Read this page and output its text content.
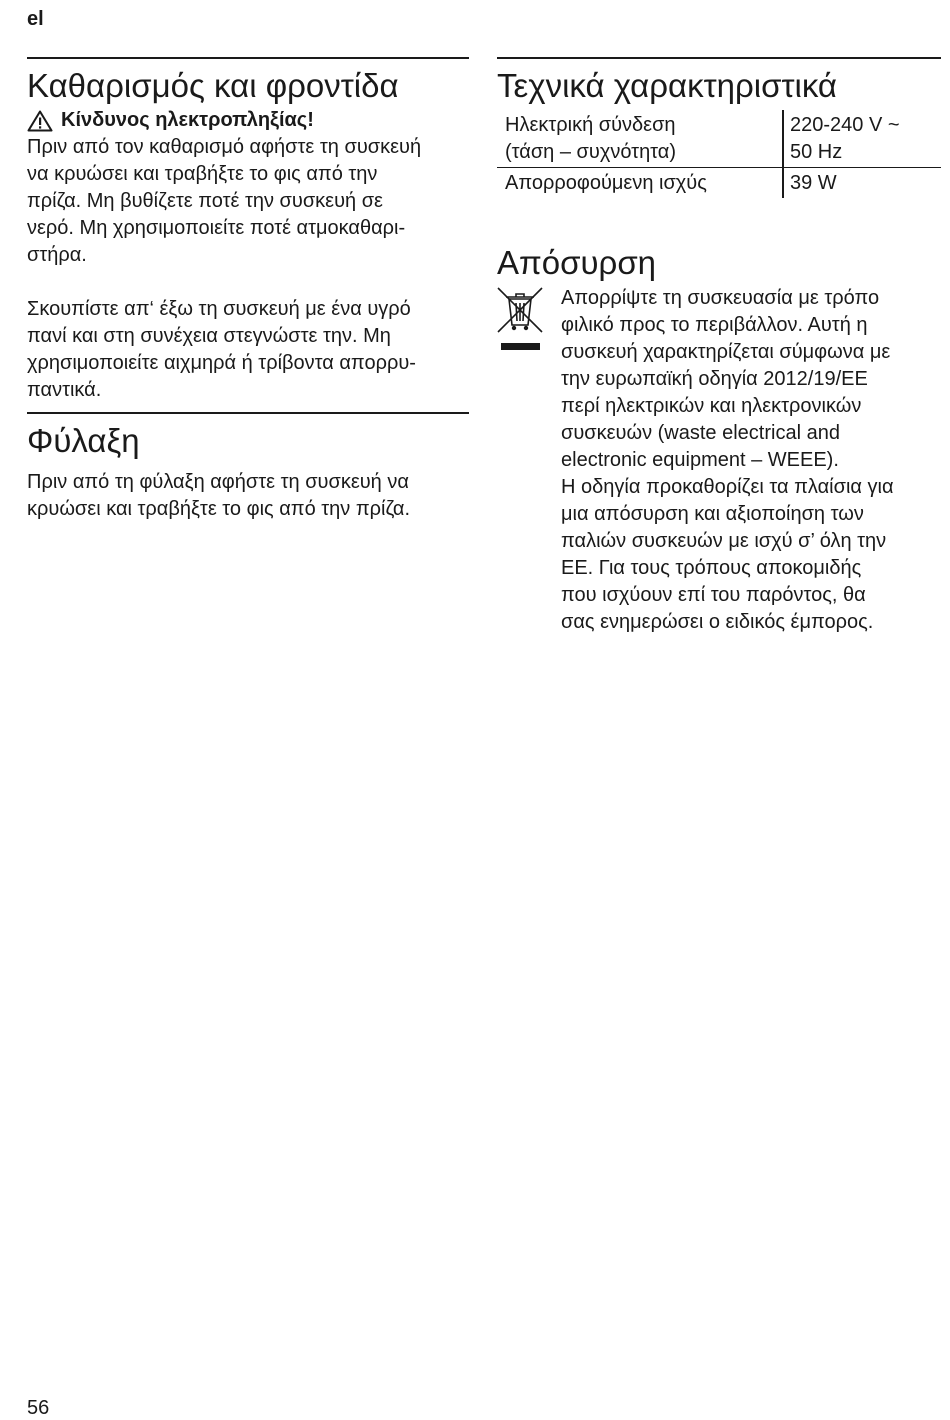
el
Καθαρισμός και φροντίδα
Κίνδυνος ηλεκτροπληξίας!
Πριν από τον καθαρισμό αφήστε τη συσκευή
να κρυώσει και τραβήξτε το φις από την
πρίζα. Μη βυθίζετε ποτέ την συσκευή σε
νερό. Μη χρησιμοποιείτε ποτέ ατμοκαθαρι-
στήρα.
Σκουπίστε απ‘ έξω τη συσκευή με ένα υγρό
πανί και στη συνέχεια στεγνώστε την. Μη
χρησιμοποιείτε αιχμηρά ή τρίβοντα απορρυ-
παντικά.
Φύλαξη
Πριν από τη φύλαξη αφήστε τη συσκευή να
κρυώσει και τραβήξτε το φις από την πρίζα.
Τεχνικά χαρακτηριστικά
Ηλεκτρική σύνδεση
(τάση – συχνότητα)
220-240 V ~
50 Hz
Απορροφούμενη ισχύς	39 W
Απόσυρση
Απορρίψτε τη συσκευασία με τρόπο
φιλικό προς το περιβάλλον. Αυτή η
συσκευή χαρακτηρίζεται σύμφωνα με
την ευρωπαϊκή οδηγία 2012/19/EE
περί ηλεκτρικών και ηλεκτρονικών
συσκευών (waste electrical and
electronic equipment – WEEE).
Η οδηγία προκαθορίζει τα πλαίσια για
μια απόσυρση και αξιοποίηση των
παλιών συσκευών με ισχύ σ’ όλη την
ΕΕ. Για τους τρόπους αποκομιδής
που ισχύουν επί του παρόντος, θα
σας ενημερώσει ο ειδικός έμπορος.
56
